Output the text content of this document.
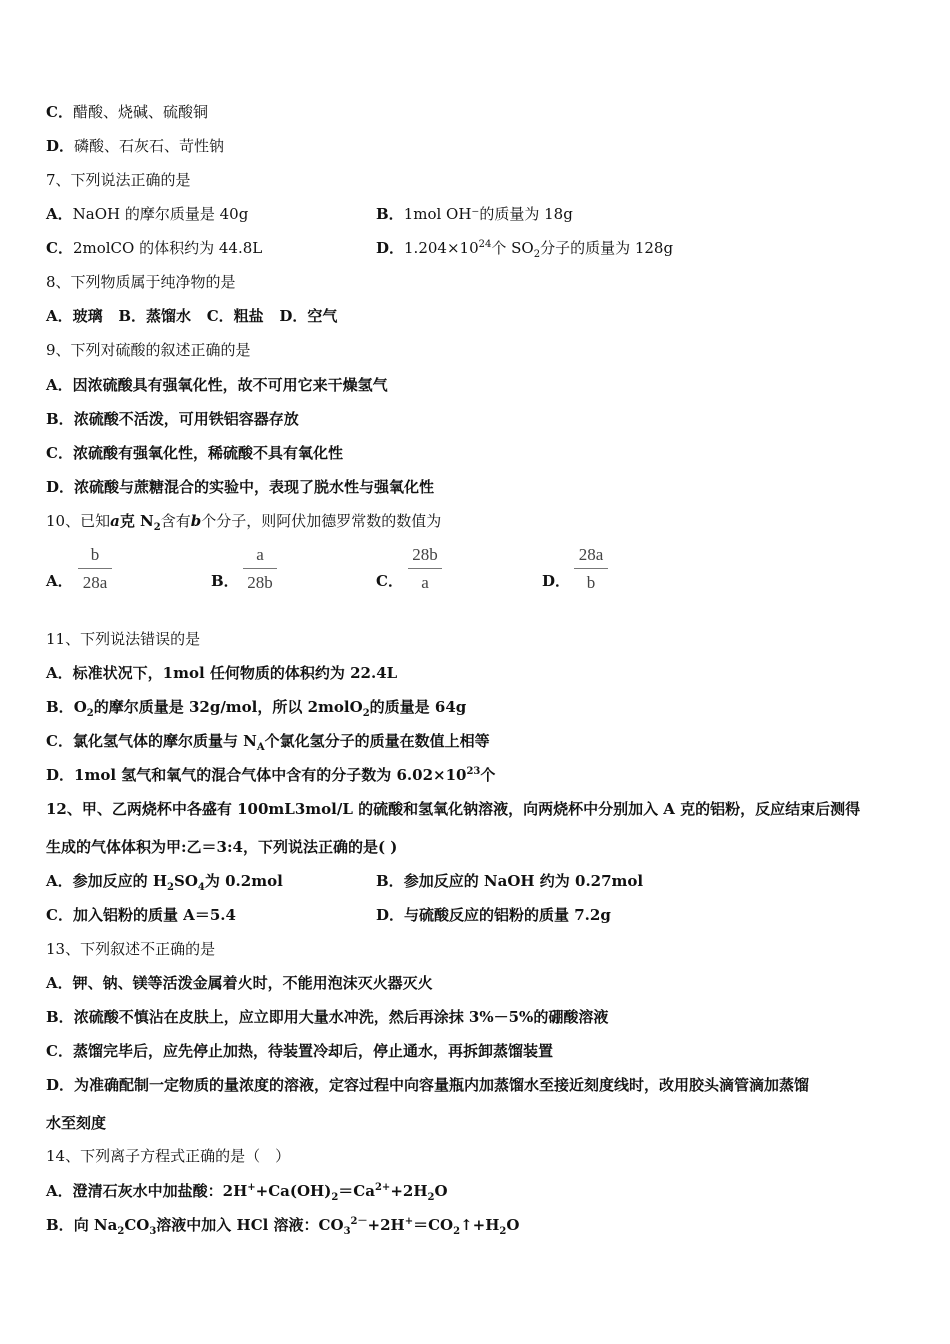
C．醋酸、烧碱、硫酸铜
D．磷酸、石灰石、苛性钠
7、下列说法正确的是
A．NaOH 的摩尔质量是 40g	B．1mol OH⁻的质量为 18g
C．2molCO 的体积约为 44.8L	D．$1.204\times 10^{24}$个 $SO_2$分子的质量为 128g
8、下列物质属于纯净物的是
A．玻璃 B．蒸馏水 C．粗盐 D．空气
9、下列对硫酸的叙述正确的是
A．因浓硫酸具有强氧化性，故不可用它来干燥氢气
B．浓硫酸不活泼，可用铁铝容器存放
C．浓硫酸有强氧化性，稀硫酸不具有氧化性
D．浓硫酸与蔗糖混合的实验中，表现了脱水性与强氧化性
10、已知a克 $N_2$含有b个分子，则阿伏加德罗常数的数值为
A．
b
28a	B．
a
28b	C．
28b
a	D．
28a
b
11、下列说法错误的是
A．标准状况下，1mol 任何物质的体积约为 22.4L
B．$O_2$的摩尔质量是 32g/mol，所以 2molO$_2$的质量是 64g
C．氯化氢气体的摩尔质量与 $N_A$个氯化氢分子的质量在数值上相等
D．1mol 氢气和氧气的混合气体中含有的分子数为 $6.02\times 10^{23}$个
12、甲、乙两烧杯中各盛有 100mL3mol/L 的硫酸和氢氧化钠溶液，向两烧杯中分别加入 A 克的铝粉，反应结束后测得
生成的气体体积为甲:乙＝3:4，下列说法正确的是( )
A．参加反应的 $H_2SO_4$为 0.2mol	B．参加反应的 NaOH 约为 0.27mol
C．加入铝粉的质量 A＝5.4	D．与硫酸反应的铝粉的质量 7.2g
13、下列叙述不正确的是
A．钾、钠、镁等活泼金属着火时，不能用泡沫灭火器灭火
B．浓硫酸不慎沾在皮肤上，应立即用大量水冲洗，然后再涂抹 3%－5%的硼酸溶液
C．蒸馏完毕后，应先停止加热，待装置冷却后，停止通水，再拆卸蒸馏装置
D．为准确配制一定物质的量浓度的溶液，定容过程中向容量瓶内加蒸馏水至接近刻度线时，改用胶头滴管滴加蒸馏
水至刻度
14、下列离子方程式正确的是（　）
A．澄清石灰水中加盐酸：$2H^++Ca(OH)_2=Ca^{2+}+2H_2O$
B．向 $Na_2CO_3$溶液中加入 HCl 溶液：$CO_3^{2-}+2H^+=CO_2↑+H_2O$
